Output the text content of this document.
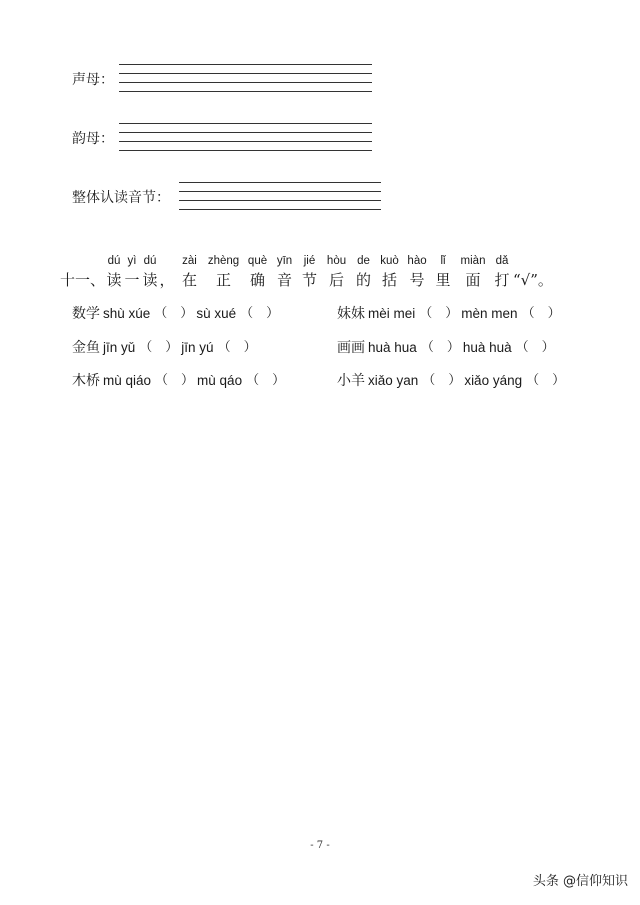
声母：
韵母：
整体认读音节：
十一、
dú
读
yì
一
dú
读 ，
zài
在
zhèng
正
què
确
yīn
音
jié
节
hòu
后
de
的
kuò
括
hào
号
lǐ
里
miàn
面
dǎ
打 “√”。
数学 shù xúe （　） sù xué （　）	妹妹 mèi mei （　） mèn men （　）
金鱼 jīn yǔ （　） jīn yú （　）	画画 huà hua （　） huà huà （　）
木桥 mù qiáo （　） mù qáo （　）	小羊 xiǎo yan （　） xiǎo yáng （　）
- 7 -
头条 @信仰知识
